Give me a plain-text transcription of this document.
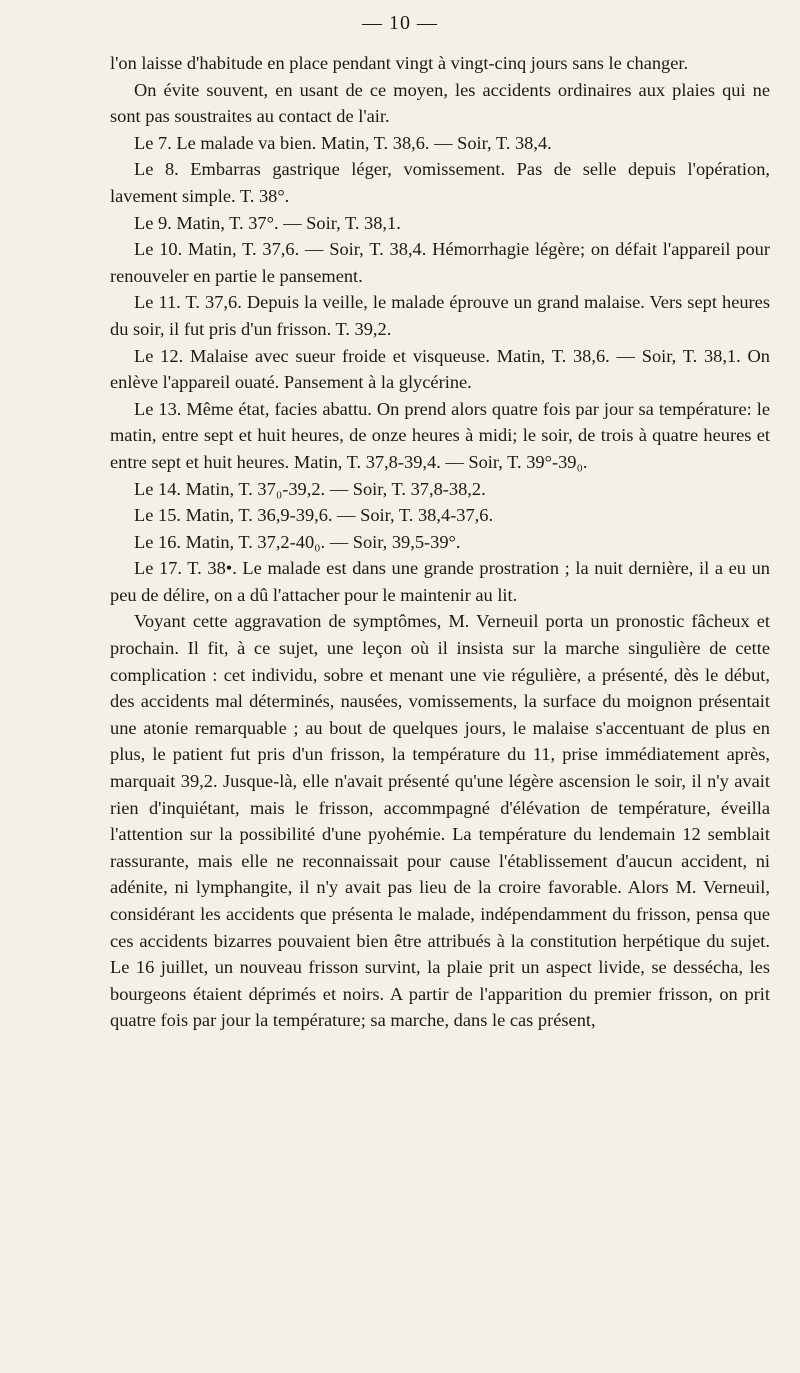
— 10 —

l'on laisse d'habitude en place pendant vingt à vingt-cinq jours sans le changer.

On évite souvent, en usant de ce moyen, les accidents ordinaires aux plaies qui ne sont pas soustraites au contact de l'air.

Le 7. Le malade va bien. Matin, T. 38,6. — Soir, T. 38,4.

Le 8. Embarras gastrique léger, vomissement. Pas de selle depuis l'opération, lavement simple. T. 38°.

Le 9. Matin, T. 37°. — Soir, T. 38,1.

Le 10. Matin, T. 37,6. — Soir, T. 38,4. Hémorrhagie légère; on défait l'appareil pour renouveler en partie le pansement.

Le 11. T. 37,6. Depuis la veille, le malade éprouve un grand malaise. Vers sept heures du soir, il fut pris d'un frisson. T. 39,2.

Le 12. Malaise avec sueur froide et visqueuse. Matin, T. 38,6. — Soir, T. 38,1. On enlève l'appareil ouaté. Pansement à la glycérine.

Le 13. Même état, facies abattu. On prend alors quatre fois par jour sa température: le matin, entre sept et huit heures, de onze heures à midi; le soir, de trois à quatre heures et entre sept et huit heures. Matin, T. 37,8-39,4. — Soir, T. 39°-39₀.

Le 14. Matin, T. 37₀-39,2. — Soir, T. 37,8-38,2.

Le 15. Matin, T. 36,9-39,6. — Soir, T. 38,4-37,6.

Le 16. Matin, T. 37,2-40₀. — Soir, 39,5-39°.

Le 17. T. 38•. Le malade est dans une grande prostration ; la nuit dernière, il a eu un peu de délire, on a dû l'attacher pour le maintenir au lit.

Voyant cette aggravation de symptômes, M. Verneuil porta un pronostic fâcheux et prochain. Il fit, à ce sujet, une leçon où il insista sur la marche singulière de cette complication : cet individu, sobre et menant une vie régulière, a présenté, dès le début, des accidents mal déterminés, nausées, vomissements, la surface du moignon présentait une atonie remarquable ; au bout de quelques jours, le malaise s'accentuant de plus en plus, le patient fut pris d'un frisson, la température du 11, prise immédiatement après, marquait 39,2. Jusque-là, elle n'avait présenté qu'une légère ascension le soir, il n'y avait rien d'inquiétant, mais le frisson, accommpagné d'élévation de température, éveilla l'attention sur la possibilité d'une pyohémie. La température du lendemain 12 semblait rassurante, mais elle ne reconnaissait pour cause l'établissement d'aucun accident, ni adénite, ni lymphangite, il n'y avait pas lieu de la croire favorable. Alors M. Verneuil, considérant les accidents que présenta le malade, indépendamment du frisson, pensa que ces accidents bizarres pouvaient bien être attribués à la constitution herpétique du sujet. Le 16 juillet, un nouveau frisson survint, la plaie prit un aspect livide, se dessécha, les bourgeons étaient déprimés et noirs. A partir de l'apparition du premier frisson, on prit quatre fois par jour la température; sa marche, dans le cas présent,
